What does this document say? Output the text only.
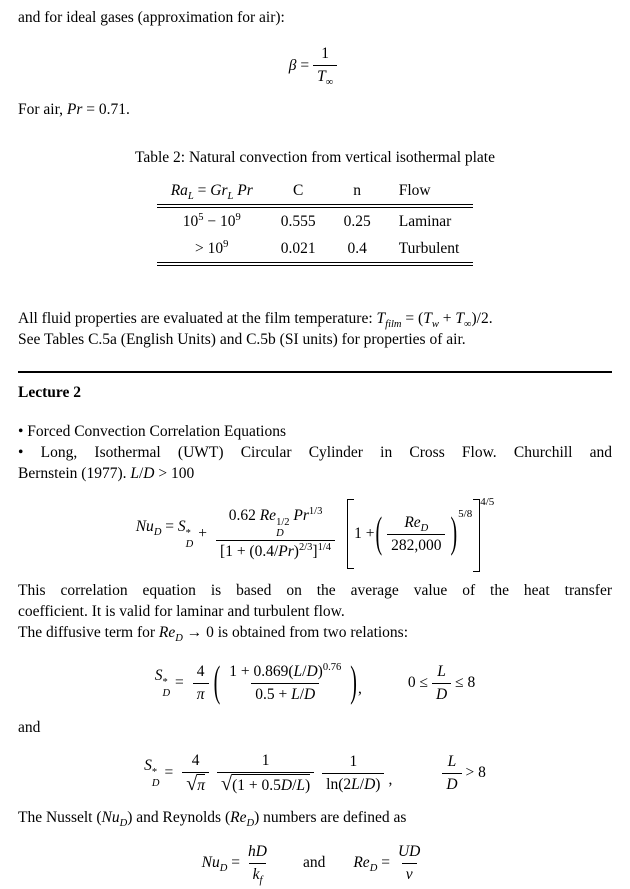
and for ideal gases (approximation for air):

$\beta = \frac{1}{T_\infty}$

For air, Pr = 0.71.

Table 2: Natural convection from vertical isothermal plate

$Ra_L = Gr_L$ Pr	C	n	Flow
$10^5 - 10^9$	0.555	0.25	Laminar
> $10^9$	0.021	0.4	Turbulent

All fluid properties are evaluated at the film temperature: $T_{film} = (T_w + T_\infty)/2$.

See Tables C.5a (English Units) and C.5b (SI units) for properties of air.

Lecture 2

• Forced Convection Correlation Equations

• Long, Isothermal (UWT) Circular Cylinder in Cross Flow. Churchill and

Bernstein (1977). L/D > 100

$Nu_D = S$ *
D
+ 0.62 Re 1/2
D
$Pr^{1/3}$
$[1 + (0.4/Pr)^{2/3}]^{1/4}$ 1 + ( $\frac{Re_D}{282,000}$ ) 5/8
4/5

This correlation equation is based on the average value of the heat transfer

coefficient. It is valid for laminar and turbulent flow.

The diffusive term for $Re_D \to 0$ is obtained from two relations:

S *
D
= $\frac{4}{\pi}$ ( $\frac{1 + 0.869(L/D)^{0.76}}{0.5 + L/D}$ ) ,	$0 \le \frac{L}{D} \le 8$

and

S *
D
= $\frac{4}{√\pi} \frac{1}{√(1 + 0.5D/L)} \frac{1}{\ln(2L/D)}$ ,	$\frac{L}{D} > 8$

The Nusselt $(Nu_D)$ and Reynolds $(Re_D)$ numbers are defined as

$Nu_D = \frac{hD}{k_f}$ and $Re_D = \frac{UD}{\nu}$
